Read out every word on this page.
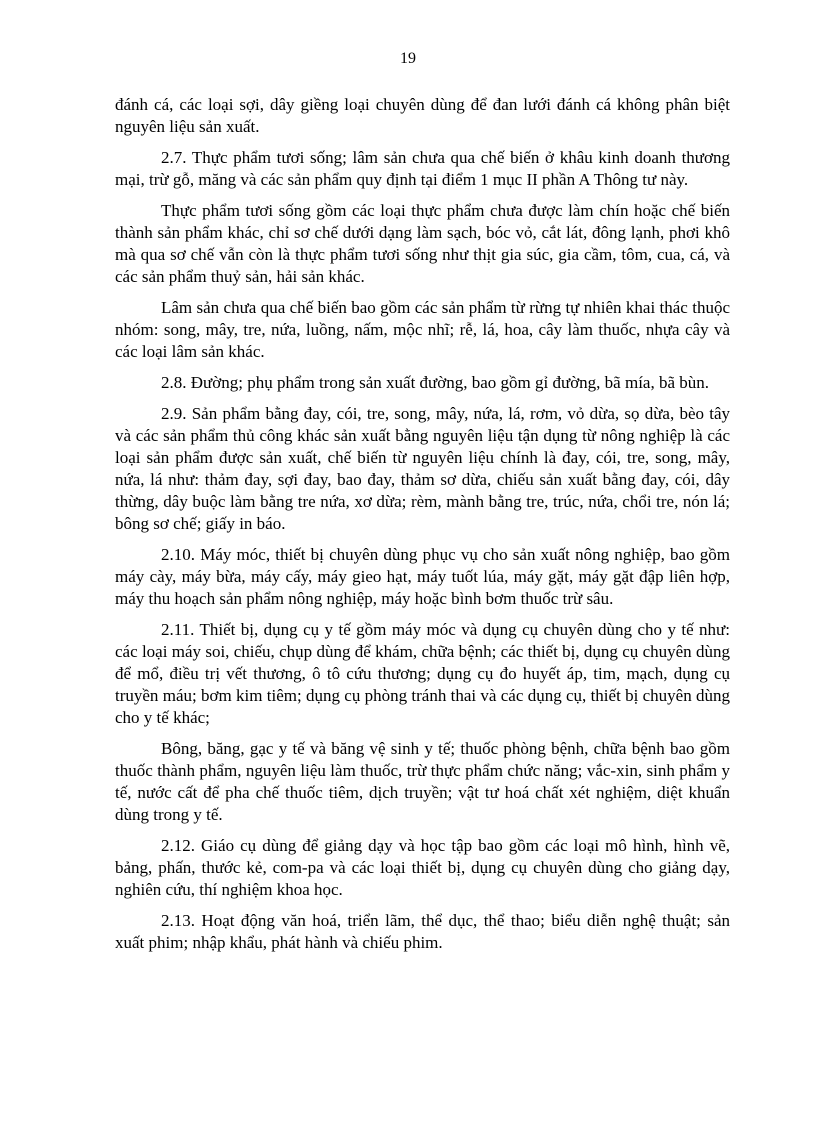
19

đánh cá, các loại sợi, dây giềng loại chuyên dùng để đan lưới đánh cá không phân biệt nguyên liệu sản xuất.

2.7. Thực phẩm tươi sống; lâm sản chưa qua chế biến ở khâu kinh doanh thương mại, trừ gỗ, măng và các sản phẩm quy định tại điểm 1 mục II phần A Thông tư này.

Thực phẩm tươi sống gồm các loại thực phẩm chưa được làm chín hoặc chế biến thành sản phẩm khác, chỉ sơ chế dưới dạng làm sạch, bóc vỏ, cắt lát, đông lạnh, phơi khô mà qua sơ chế vẫn còn là thực phẩm tươi sống như thịt gia súc, gia cầm, tôm, cua, cá, và các sản phẩm thuỷ sản, hải sản khác.

Lâm sản chưa qua chế biến bao gồm các sản phẩm từ rừng tự nhiên khai thác thuộc nhóm: song, mây, tre, nứa, luồng, nấm, mộc nhĩ; rễ, lá, hoa, cây làm thuốc, nhựa cây và các loại lâm sản khác.

2.8. Đường; phụ phẩm trong sản xuất đường, bao gồm gỉ đường, bã mía, bã bùn.

2.9. Sản phẩm bằng đay, cói, tre, song, mây, nứa, lá, rơm, vỏ dừa, sọ dừa, bèo tây và các sản phẩm thủ công khác sản xuất bằng nguyên liệu tận dụng từ nông nghiệp là các loại sản phẩm được sản xuất, chế biến từ nguyên liệu chính là đay, cói, tre, song, mây, nứa, lá như: thảm đay, sợi đay, bao đay, thảm sơ dừa, chiếu sản xuất bằng đay, cói, dây thừng, dây buộc làm bằng tre nứa, xơ dừa; rèm, mành bằng tre, trúc, nứa, chổi tre, nón lá; bông sơ chế; giấy in báo.

2.10. Máy móc, thiết bị chuyên dùng phục vụ cho sản xuất nông nghiệp, bao gồm máy cày, máy bừa, máy cấy, máy gieo hạt, máy tuốt lúa, máy gặt, máy gặt đập liên hợp, máy thu hoạch sản phẩm nông nghiệp, máy hoặc bình bơm thuốc trừ sâu.

2.11. Thiết bị, dụng cụ y tế gồm máy móc và dụng cụ chuyên dùng cho y tế như: các loại máy soi, chiếu, chụp dùng để khám, chữa bệnh; các thiết bị, dụng cụ chuyên dùng để mổ, điều trị vết thương, ô tô cứu thương; dụng cụ đo huyết áp, tim, mạch, dụng cụ truyền máu; bơm kim tiêm; dụng cụ phòng tránh thai và các dụng cụ, thiết bị chuyên dùng cho y tế khác;

Bông, băng, gạc y tế và băng vệ sinh y tế; thuốc phòng bệnh, chữa bệnh bao gồm thuốc thành phẩm, nguyên liệu làm thuốc, trừ thực phẩm chức năng; vắc-xin, sinh phẩm y tế, nước cất để pha chế thuốc tiêm, dịch truyền; vật tư hoá chất xét nghiệm, diệt khuẩn dùng trong y tế.

2.12. Giáo cụ dùng để giảng dạy và học tập bao gồm các loại mô hình, hình vẽ, bảng, phấn, thước kẻ, com-pa và các loại thiết bị, dụng cụ chuyên dùng cho giảng dạy, nghiên cứu, thí nghiệm khoa học.

2.13. Hoạt động văn hoá, triển lãm, thể dục, thể thao; biểu diễn nghệ thuật; sản xuất phim; nhập khẩu, phát hành và chiếu phim.
